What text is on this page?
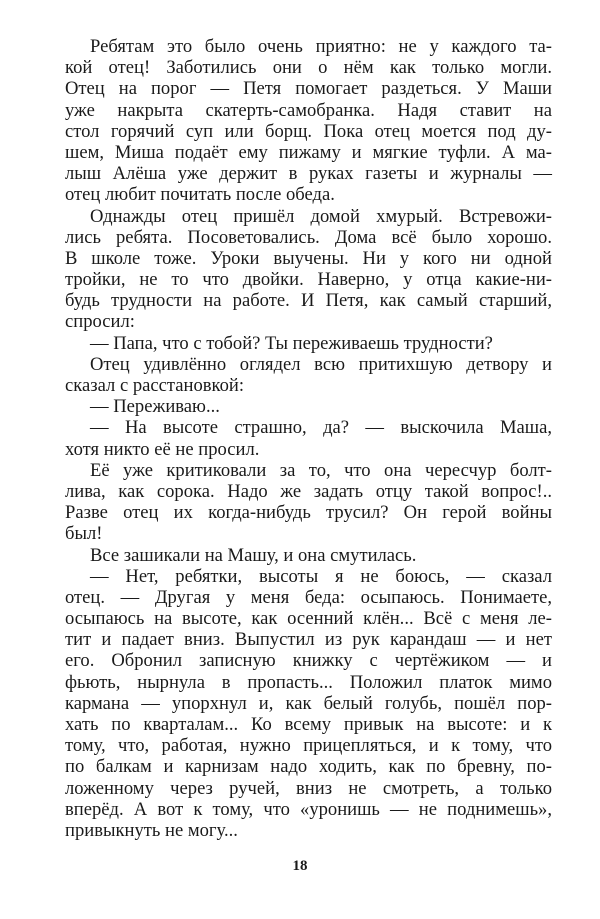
Ребятам это было очень приятно: не у каждого та-
кой отец! Заботились они о нём как только могли.
Отец на порог — Петя помогает раздеться. У Маши
уже накрыта скатерть-самобранка. Надя ставит на
стол горячий суп или борщ. Пока отец моется под ду-
шем, Миша подаёт ему пижаму и мягкие туфли. А ма-
лыш Алёша уже держит в руках газеты и журналы —
отец любит почитать после обеда.
Однажды отец пришёл домой хмурый. Встревожи-
лись ребята. Посоветовались. Дома всё было хорошо.
В школе тоже. Уроки выучены. Ни у кого ни одной
тройки, не то что двойки. Наверно, у отца какие-ни-
будь трудности на работе. И Петя, как самый старший,
спросил:
— Папа, что с тобой? Ты переживаешь трудности?
Отец удивлённо оглядел всю притихшую детвору и
сказал с расстановкой:
— Переживаю...
— На высоте страшно, да? — выскочила Маша,
хотя никто её не просил.
Её уже критиковали за то, что она чересчур болт-
лива, как сорока. Надо же задать отцу такой вопрос!..
Разве отец их когда-нибудь трусил? Он герой войны
был!
Все зашикали на Машу, и она смутилась.
— Нет, ребятки, высоты я не боюсь, — сказал
отец. — Другая у меня беда: осыпаюсь. Понимаете,
осыпаюсь на высоте, как осенний клён... Всё с меня ле-
тит и падает вниз. Выпустил из рук карандаш — и нет
его. Обронил записную книжку с чертёжиком — и
фьють, нырнула в пропасть... Положил платок мимо
кармана — упорхнул и, как белый голубь, пошёл пор-
хать по кварталам... Ко всему привык на высоте: и к
тому, что, работая, нужно прицепляться, и к тому, что
по балкам и карнизам надо ходить, как по бревну, по-
ложенному через ручей, вниз не смотреть, а только
вперёд. А вот к тому, что «уронишь — не поднимешь»,
привыкнуть не могу...
18
